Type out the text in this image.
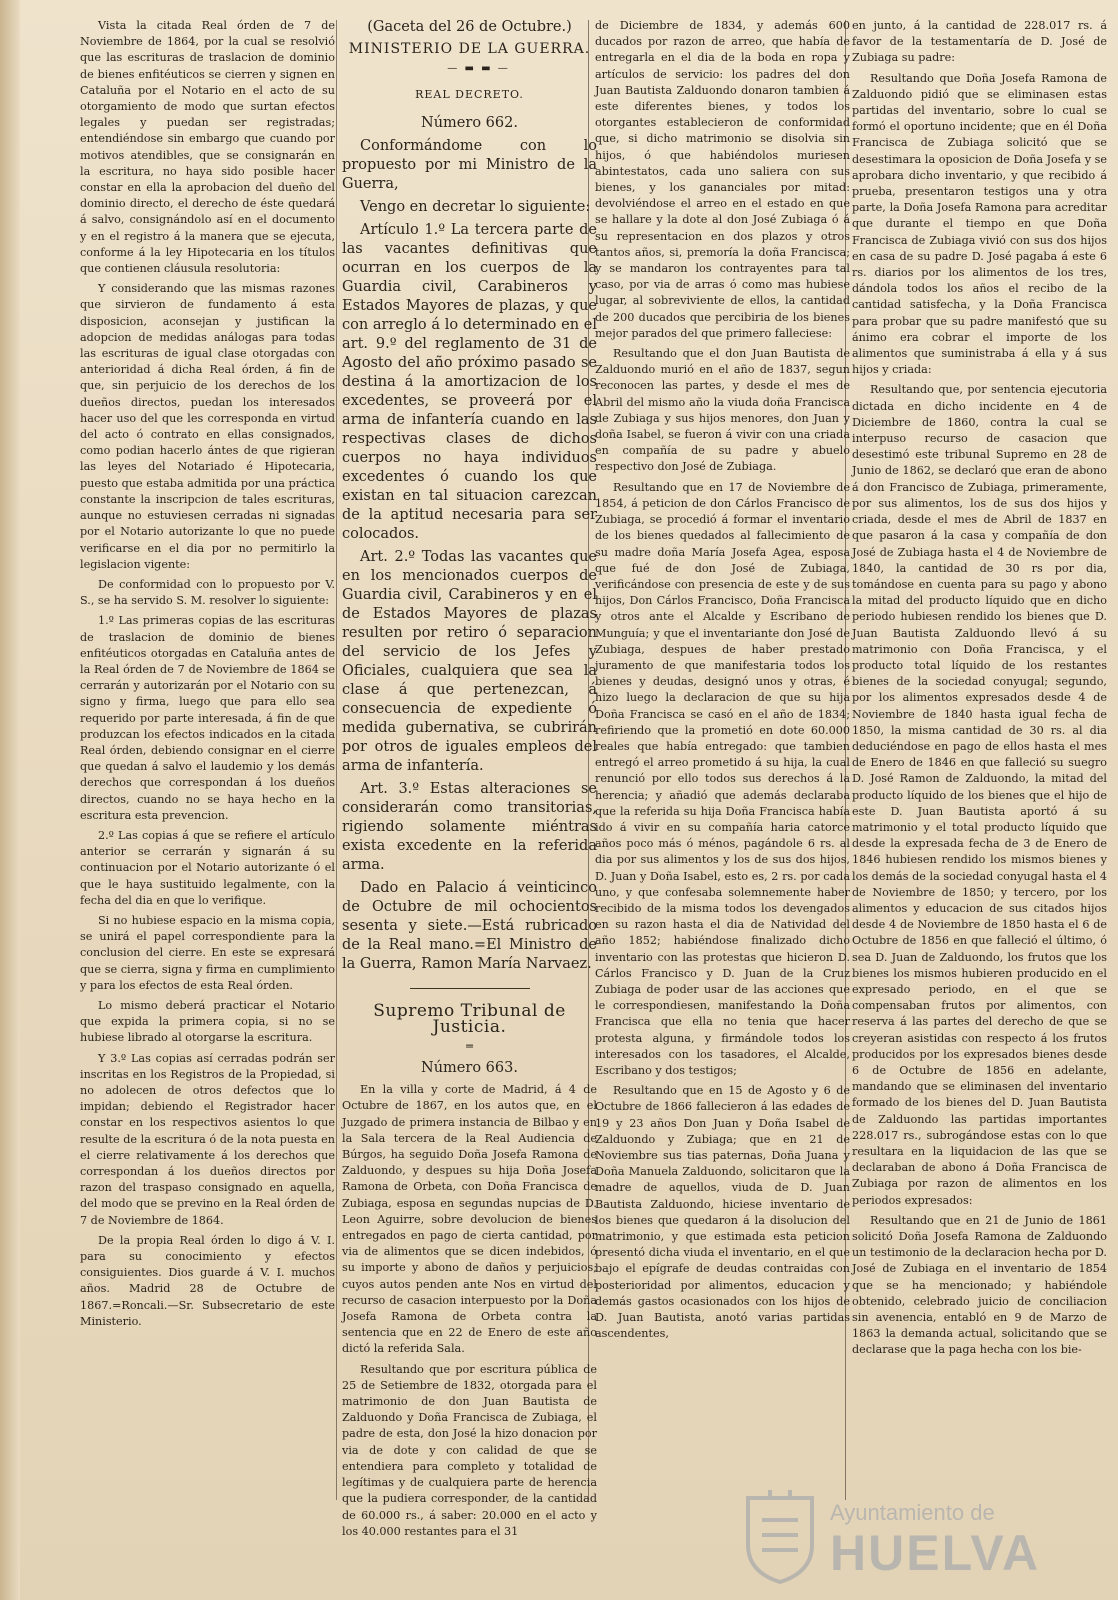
Vista la citada Real órden de 7 de Noviembre de 1864, por la cual se resolvió que las escrituras de traslacion de dominio de bienes enfitéuticos se cierren y signen en Cataluña por el Notario en el acto de su otorgamiento de modo que surtan efectos legales y puedan ser registradas; entendiéndose sin embargo que cuando por motivos atendibles, que se consignarán en la escritura, no haya sido posible hacer constar en ella la aprobacion del dueño del dominio directo, el derecho de éste quedará á salvo, consignándolo así en el documento y en el registro á la manera que se ejecuta, conforme á la ley Hipotecaria en los títulos que contienen cláusula resolutoria:

Y considerando que las mismas razones que sirvieron de fundamento á esta disposicion, aconsejan y justifican la adopcion de medidas análogas para todas las escrituras de igual clase otorgadas con anterioridad á dicha Real órden, á fin de que, sin perjuicio de los derechos de los dueños directos, puedan los interesados hacer uso del que les corresponda en virtud del acto ó contrato en ellas consignados, como podian hacerlo ántes de que rigieran las leyes del Notariado é Hipotecaria, puesto que estaba admitida por una práctica constante la inscripcion de tales escrituras, aunque no estuviesen cerradas ni signadas por el Notario autorizante lo que no puede verificarse en el dia por no permitirlo la legislacion vigente:

De conformidad con lo propuesto por V. S., se ha servido S. M. resolver lo siguiente:

1.º Las primeras copias de las escrituras de traslacion de dominio de bienes enfitéuticos otorgadas en Cataluña antes de la Real órden de 7 de Noviembre de 1864 se cerrarán y autorizarán por el Notario con su signo y firma, luego que para ello sea requerido por parte interesada, á fin de que produzcan los efectos indicados en la citada Real órden, debiendo consignar en el cierre que quedan á salvo el laudemio y los demás derechos que correspondan á los dueños directos, cuando no se haya hecho en la escritura esta prevencion.

2.º Las copias á que se refiere el artículo anterior se cerrarán y signarán á su continuacion por el Notario autorizante ó el que le haya sustituido legalmente, con la fecha del dia en que lo verifique.

Si no hubiese espacio en la misma copia, se unirá el papel correspondiente para la conclusion del cierre. En este se expresará que se cierra, signa y firma en cumplimiento y para los efectos de esta Real órden.

Lo mismo deberá practicar el Notario que expida la primera copia, si no se hubiese librado al otorgarse la escritura.

Y 3.º Las copias así cerradas podrán ser inscritas en los Registros de la Propiedad, si no adolecen de otros defectos que lo impidan; debiendo el Registrador hacer constar en los respectivos asientos lo que resulte de la escritura ó de la nota puesta en el cierre relativamente á los derechos que correspondan á los dueños directos por razon del traspaso consignado en aquella, del modo que se previno en la Real órden de 7 de Noviembre de 1864.

De la propia Real órden lo digo á V. I. para su conocimiento y efectos consiguientes. Dios guarde á V. I. muchos años. Madrid 28 de Octubre de 1867.=Roncali.—Sr. Subsecretario de este Ministerio.

(Gaceta del 26 de Octubre.)

MINISTERIO DE LA GUERRA.

— ▬ ▬ —

REAL DECRETO.

Número 662.

Conformándome con lo propuesto por mi Ministro de la Guerra,

Vengo en decretar lo siguiente:

Artículo 1.º La tercera parte de las vacantes definitivas que ocurran en los cuerpos de la Guardia civil, Carabineros y Estados Mayores de plazas, y que con arreglo á lo determinado en el art. 9.º del reglamento de 31 de Agosto del año próximo pasado se destina á la amortizacion de los excedentes, se proveerá por el arma de infantería cuando en las respectivas clases de dichos cuerpos no haya individuos excedentes ó cuando los que existan en tal situacion carezcan de la aptitud necesaria para ser colocados.

Art. 2.º Todas las vacantes que en los mencionados cuerpos de Guardia civil, Carabineros y en el de Estados Mayores de plazas resulten por retiro ó separacion del servicio de los Jefes y Oficiales, cualquiera que sea la clase á que pertenezcan, á consecuencia de expediente ó medida gubernativa, se cubrirán por otros de iguales empleos del arma de infantería.

Art. 3.º Estas alteraciones se considerarán como transitorias, rigiendo solamente miéntras exista excedente en la referida arma.

Dado en Palacio á veinticinco de Octubre de mil ochocientos sesenta y siete.—Está rubricado de la Real mano.=El Ministro de la Guerra, Ramon María Narvaez.

Supremo Tribunal de Justicia.

═

Número 663.

En la villa y corte de Madrid, á 4 de Octubre de 1867, en los autos que, en el Juzgado de primera instancia de Bilbao y en la Sala tercera de la Real Audiencia de Búrgos, ha seguido Doña Josefa Ramona de Zalduondo, y despues su hija Doña Josefa Ramona de Orbeta, con Doña Francisca de Zubiaga, esposa en segundas nupcias de D. Leon Aguirre, sobre devolucion de bienes entregados en pago de cierta cantidad, por via de alimentos que se dicen indebidos, ó su importe y abono de daños y perjuicios; cuyos autos penden ante Nos en virtud del recurso de casacion interpuesto por la Doña Josefa Ramona de Orbeta contra la sentencia que en 22 de Enero de este año dictó la referida Sala.

Resultando que por escritura pública de 25 de Setiembre de 1832, otorgada para el matrimonio de don Juan Bautista de Zalduondo y Doña Francisca de Zubiaga, el padre de esta, don José la hizo donacion por via de dote y con calidad de que se entendiera para completo y totalidad de legítimas y de cualquiera parte de herencia que la pudiera corresponder, de la cantidad de 60.000 rs., á saber: 20.000 en el acto y los 40.000 restantes para el 31

de Diciembre de 1834, y además 600 ducados por razon de arreo, que había de entregarla en el dia de la boda en ropa y artículos de servicio: los padres del don Juan Bautista Zalduondo donaron tambien á este diferentes bienes, y todos los otorgantes establecieron de conformidad que, si dicho matrimonio se disolvia sin hijos, ó que habiéndolos muriesen abintestatos, cada uno saliera con sus bienes, y los gananciales por mitad: devolviéndose el arreo en el estado en que se hallare y la dote al don José Zubiaga ó á su representacion en dos plazos y otros tantos años, si, premoría la doña Francisca; y se mandaron los contrayentes para tal caso, por via de arras ó como mas hubiese lugar, al sobreviviente de ellos, la cantidad de 200 ducados que percibiria de los bienes mejor parados del que primero falleciese:

Resultando que el don Juan Bautista de Zalduondo murió en el año de 1837, segun reconocen las partes, y desde el mes de Abril del mismo año la viuda doña Francisca de Zubiaga y sus hijos menores, don Juan y doña Isabel, se fueron á vivir con una criada en compañía de su padre y abuelo respectivo don José de Zubiaga.

Resultando que en 17 de Noviembre de 1854, á peticion de don Cárlos Francisco de Zubiaga, se procedió á formar el inventario de los bienes quedados al fallecimiento de su madre doña María Josefa Agea, esposa que fué de don José de Zubiaga, verificándose con presencia de este y de sus hijos, Don Cárlos Francisco, Doña Francisca y otros ante el Alcalde y Escribano de Munguía; y que el inventariante don José de Zubiaga, despues de haber prestado juramento de que manifestaria todos los bienes y deudas, designó unos y otras, é hizo luego la declaracion de que su hija Doña Francisca se casó en el año de 1834; refiriendo que la prometió en dote 60.000 reales que había entregado: que tambien entregó el arreo prometido á su hija, la cual renunció por ello todos sus derechos á la herencia; y añadió que además declaraba que la referida su hija Doña Francisca había ido á vivir en su compañía haria catorce años poco más ó ménos, pagándole 6 rs. al dia por sus alimentos y los de sus dos hijos, D. Juan y Doña Isabel, esto es, 2 rs. por cada uno, y que confesaba solemnemente haber recibido de la misma todos los devengados en su razon hasta el dia de Natividad del año 1852; habiéndose finalizado dicho inventario con las protestas que hicieron D. Cárlos Francisco y D. Juan de la Cruz Zubiaga de poder usar de las acciones que le correspondiesen, manifestando la Doña Francisca que ella no tenia que hacer protesta alguna, y firmándole todos los interesados con los tasadores, el Alcalde, Escribano y dos testigos;

Resultando que en 15 de Agosto y 6 de Octubre de 1866 fallecieron á las edades de 19 y 23 años Don Juan y Doña Isabel de Zalduondo y Zubiaga; que en 21 de Noviembre sus tias paternas, Doña Juana y Doña Manuela Zalduondo, solicitaron que la madre de aquellos, viuda de D. Juan Bautista Zalduondo, hiciese inventario de los bienes que quedaron á la disolucion del matrimonio, y que estimada esta peticion presentó dicha viuda el inventario, en el que bajo el epígrafe de deudas contraidas con posterioridad por alimentos, educacion y demás gastos ocasionados con los hijos de D. Juan Bautista, anotó varias partidas ascendentes,

en junto, á la cantidad de 228.017 rs. á favor de la testamentaría de D. José de Zubiaga su padre:

Resultando que Doña Josefa Ramona de Zalduondo pidió que se eliminasen estas partidas del inventario, sobre lo cual se formó el oportuno incidente; que en él Doña Francisca de Zubiaga solicitó que se desestimara la oposicion de Doña Josefa y se aprobara dicho inventario, y que recibido á prueba, presentaron testigos una y otra parte, la Doña Josefa Ramona para acreditar que durante el tiempo en que Doña Francisca de Zubiaga vivió con sus dos hijos en casa de su padre D. José pagaba á este 6 rs. diarios por los alimentos de los tres, dándola todos los años el recibo de la cantidad satisfecha, y la Doña Francisca para probar que su padre manifestó que su ánimo era cobrar el importe de los alimentos que suministraba á ella y á sus hijos y criada:

Resultando que, por sentencia ejecutoria dictada en dicho incidente en 4 de Diciembre de 1860, contra la cual se interpuso recurso de casacion que desestimó este tribunal Supremo en 28 de Junio de 1862, se declaró que eran de abono á don Francisco de Zubiaga, primeramente, por sus alimentos, los de sus dos hijos y criada, desde el mes de Abril de 1837 en que pasaron á la casa y compañía de don José de Zubiaga hasta el 4 de Noviembre de 1840, la cantidad de 30 rs por dia, tomándose en cuenta para su pago y abono la mitad del producto líquido que en dicho periodo hubiesen rendido los bienes que D. Juan Bautista Zalduondo llevó á su matrimonio con Doña Francisca, y el producto total líquido de los restantes bienes de la sociedad conyugal; segundo, por los alimentos expresados desde 4 de Noviembre de 1840 hasta igual fecha de 1850, la misma cantidad de 30 rs. al dia deduciéndose en pago de ellos hasta el mes de Enero de 1846 en que falleció su suegro D. José Ramon de Zalduondo, la mitad del producto líquido de los bienes que el hijo de este D. Juan Bautista aportó á su matrimonio y el total producto líquido que desde la expresada fecha de 3 de Enero de 1846 hubiesen rendido los mismos bienes y los demás de la sociedad conyugal hasta el 4 de Noviembre de 1850; y tercero, por los alimentos y educacion de sus citados hijos desde 4 de Noviembre de 1850 hasta el 6 de Octubre de 1856 en que falleció el último, ó sea D. Juan de Zalduondo, los frutos que los bienes los mismos hubieren producido en el expresado periodo, en el que se compensaban frutos por alimentos, con reserva á las partes del derecho de que se creyeran asistidas con respecto á los frutos producidos por los expresados bienes desde 6 de Octubre de 1856 en adelante, mandando que se eliminasen del inventario formado de los bienes del D. Juan Bautista de Zalduondo las partidas importantes 228.017 rs., subrogándose estas con lo que resultara en la liquidacion de las que se declaraban de abono á Doña Francisca de Zubiaga por razon de alimentos en los periodos expresados:

Resultando que en 21 de Junio de 1861 solicitó Doña Josefa Ramona de Zalduondo un testimonio de la declaracion hecha por D. José de Zubiaga en el inventario de 1854 que se ha mencionado; y habiéndole obtenido, celebrado juicio de conciliacion sin avenencia, entabló en 9 de Marzo de 1863 la demanda actual, solicitando que se declarase que la paga hecha con los bie-

Ayuntamiento de
HUELVA
